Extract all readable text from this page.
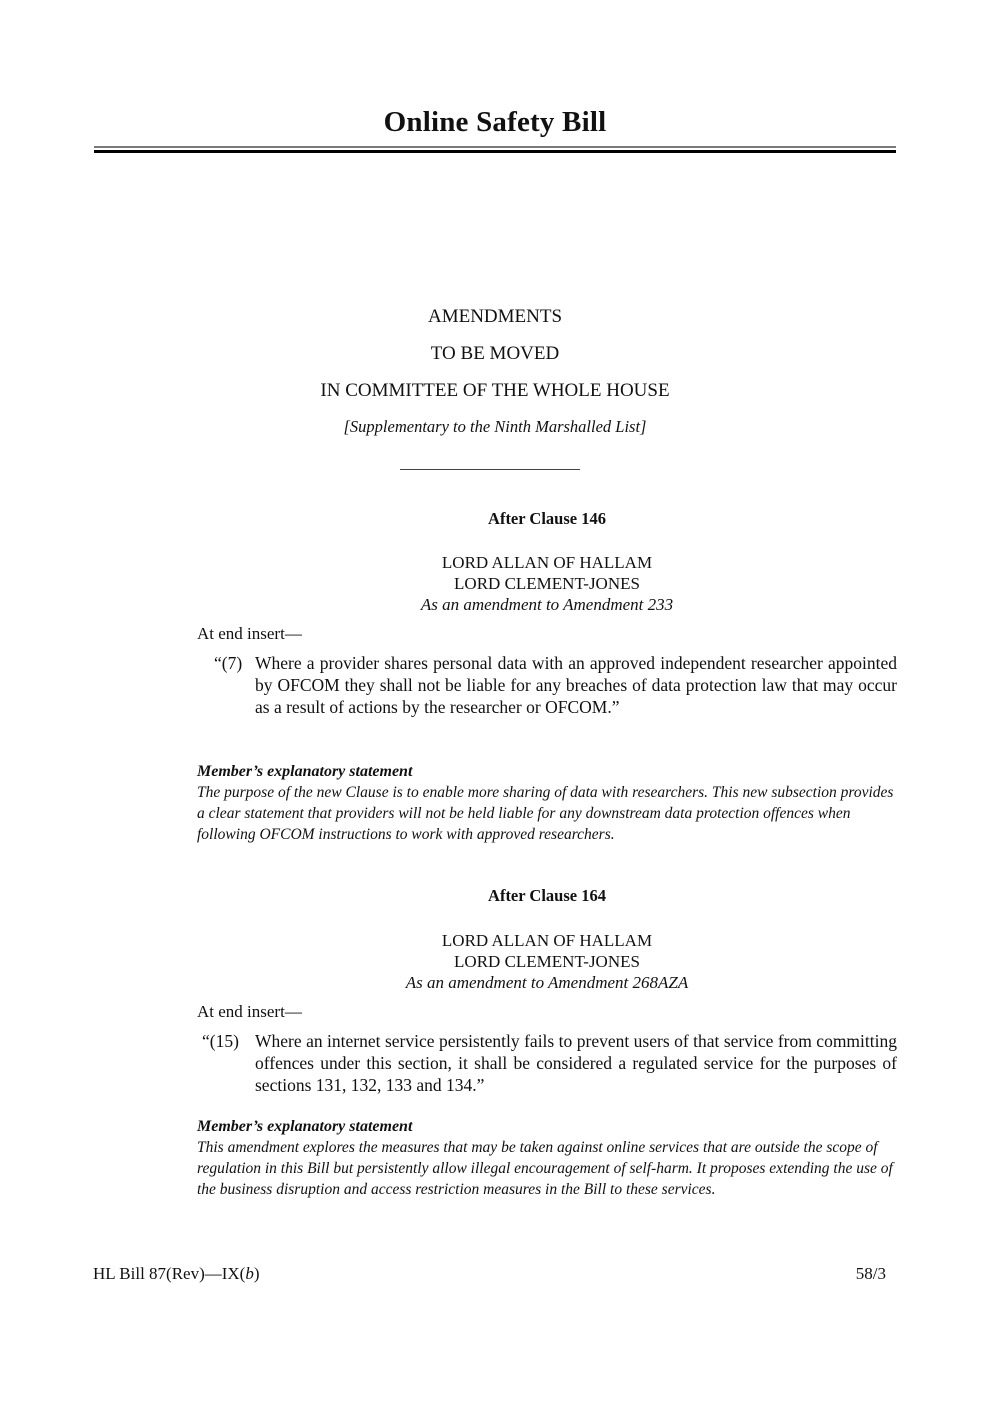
Online Safety Bill
AMENDMENTS
TO BE MOVED
IN COMMITTEE OF THE WHOLE HOUSE
[Supplementary to the Ninth Marshalled List]
After Clause 146
LORD ALLAN OF HALLAM
LORD CLEMENT-JONES
As an amendment to Amendment 233
At end insert—
“(7) Where a provider shares personal data with an approved independent researcher appointed by OFCOM they shall not be liable for any breaches of data protection law that may occur as a result of actions by the researcher or OFCOM.”
Member’s explanatory statement
The purpose of the new Clause is to enable more sharing of data with researchers. This new subsection provides a clear statement that providers will not be held liable for any downstream data protection offences when following OFCOM instructions to work with approved researchers.
After Clause 164
LORD ALLAN OF HALLAM
LORD CLEMENT-JONES
As an amendment to Amendment 268AZA
At end insert—
“(15) Where an internet service persistently fails to prevent users of that service from committing offences under this section, it shall be considered a regulated service for the purposes of sections 131, 132, 133 and 134.”
Member’s explanatory statement
This amendment explores the measures that may be taken against online services that are outside the scope of regulation in this Bill but persistently allow illegal encouragement of self-harm. It proposes extending the use of the business disruption and access restriction measures in the Bill to these services.
HL Bill 87(Rev)—IX(b)	58/3
